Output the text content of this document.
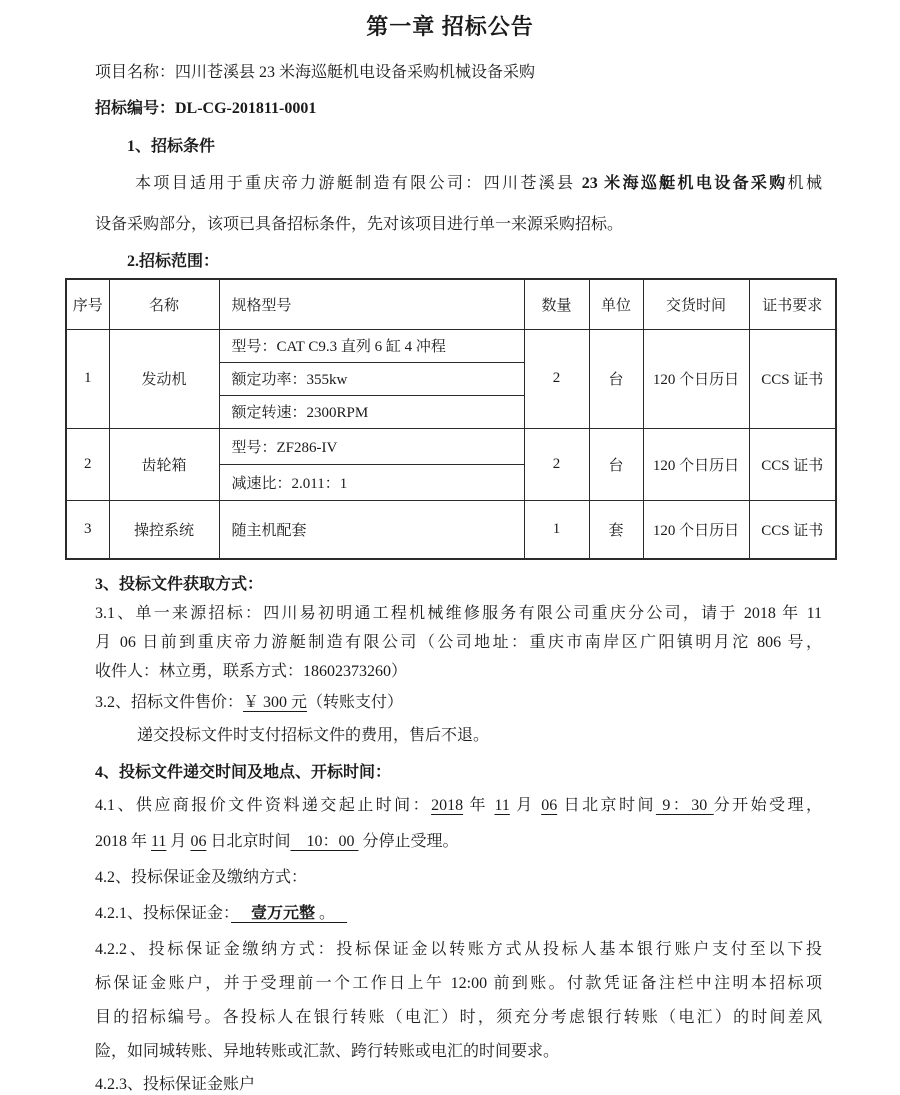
第一章 招标公告

项目名称：四川苍溪县 23 米海巡艇机电设备采购机械设备采购

招标编号：DL-CG-201811-0001

1、招标条件

本项目适用于重庆帝力游艇制造有限公司：四川苍溪县 23 米海巡艇机电设备采购机械

设备采购部分，该项已具备招标条件，先对该项目进行单一来源采购招标。

2.招标范围：

序号	名称	规格型号	数量	单位	交货时间	证书要求
1	发动机	型号：CAT C9.3 直列 6 缸 4 冲程	2	台	120 个日历日	CCS 证书
		额定功率：355kw				
		额定转速：2300RPM				
2	齿轮箱	型号：ZF286-IV	2	台	120 个日历日	CCS 证书
		减速比：2.011：1				
3	操控系统	随主机配套	1	套	120 个日历日	CCS 证书

3、投标文件获取方式：

3.1、单一来源招标：四川易初明通工程机械维修服务有限公司重庆分公司，请于 2018 年 11

月 06 日前到重庆帝力游艇制造有限公司（公司地址：重庆市南岸区广阳镇明月沱 806 号，

收件人：林立勇，联系方式：18602373260）

3.2、招标文件售价：￥ 300 元（转账支付）

递交投标文件时支付招标文件的费用，售后不退。

4、投标文件递交时间及地点、开标时间：

4.1、供应商报价文件资料递交起止时间：2018 年 11 月 06 日北京时间 9：30 分开始受理，

2018 年 11 月 06 日北京时间　10：00  分停止受理。

4.2、投标保证金及缴纳方式：

4.2.1、投标保证金：　 壹万元整 。　

4.2.2、投标保证金缴纳方式：投标保证金以转账方式从投标人基本银行账户支付至以下投

标保证金账户，并于受理前一个工作日上午 12:00 前到账。付款凭证备注栏中注明本招标项

目的招标编号。各投标人在银行转账（电汇）时，须充分考虑银行转账（电汇）的时间差风

险，如同城转账、异地转账或汇款、跨行转账或电汇的时间要求。

4.2.3、投标保证金账户
